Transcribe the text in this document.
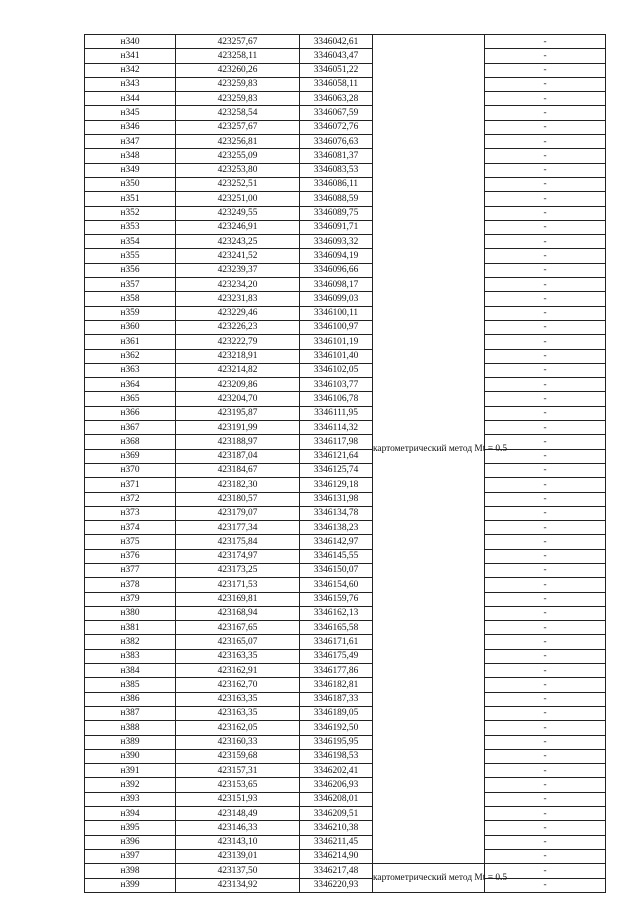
н340	423257,67	3346042,61	картометрический метод Mt = 0.5	-
н341	423258,11	3346043,47		-
н342	423260,26	3346051,22		-
н343	423259,83	3346058,11		-
н344	423259,83	3346063,28		-
н345	423258,54	3346067,59		-
н346	423257,67	3346072,76		-
н347	423256,81	3346076,63		-
н348	423255,09	3346081,37		-
н349	423253,80	3346083,53		-
н350	423252,51	3346086,11		-
н351	423251,00	3346088,59		-
н352	423249,55	3346089,75		-
н353	423246,91	3346091,71		-
н354	423243,25	3346093,32		-
н355	423241,52	3346094,19		-
н356	423239,37	3346096,66		-
н357	423234,20	3346098,17		-
н358	423231,83	3346099,03		-
н359	423229,46	3346100,11		-
н360	423226,23	3346100,97		-
н361	423222,79	3346101,19		-
н362	423218,91	3346101,40		-
н363	423214,82	3346102,05		-
н364	423209,86	3346103,77		-
н365	423204,70	3346106,78		-
н366	423195,87	3346111,95		-
н367	423191,99	3346114,32		-
н368	423188,97	3346117,98		-
н369	423187,04	3346121,64		-
н370	423184,67	3346125,74		-
н371	423182,30	3346129,18		-
н372	423180,57	3346131,98		-
н373	423179,07	3346134,78		-
н374	423177,34	3346138,23		-
н375	423175,84	3346142,97		-
н376	423174,97	3346145,55		-
н377	423173,25	3346150,07		-
н378	423171,53	3346154,60		-
н379	423169,81	3346159,76		-
н380	423168,94	3346162,13		-
н381	423167,65	3346165,58		-
н382	423165,07	3346171,61		-
н383	423163,35	3346175,49		-
н384	423162,91	3346177,86		-
н385	423162,70	3346182,81		-
н386	423163,35	3346187,33		-
н387	423163,35	3346189,05		-
н388	423162,05	3346192,50		-
н389	423160,33	3346195,95		-
н390	423159,68	3346198,53		-
н391	423157,31	3346202,41		-
н392	423153,65	3346206,93		-
н393	423151,93	3346208,01		-
н394	423148,49	3346209,51		-
н395	423146,33	3346210,38		-
н396	423143,10	3346211,45		-
н397	423139,01	3346214,90		-
н398	423137,50	3346217,48	картометрический метод Mt = 0.5	-
н399	423134,92	3346220,93		-
